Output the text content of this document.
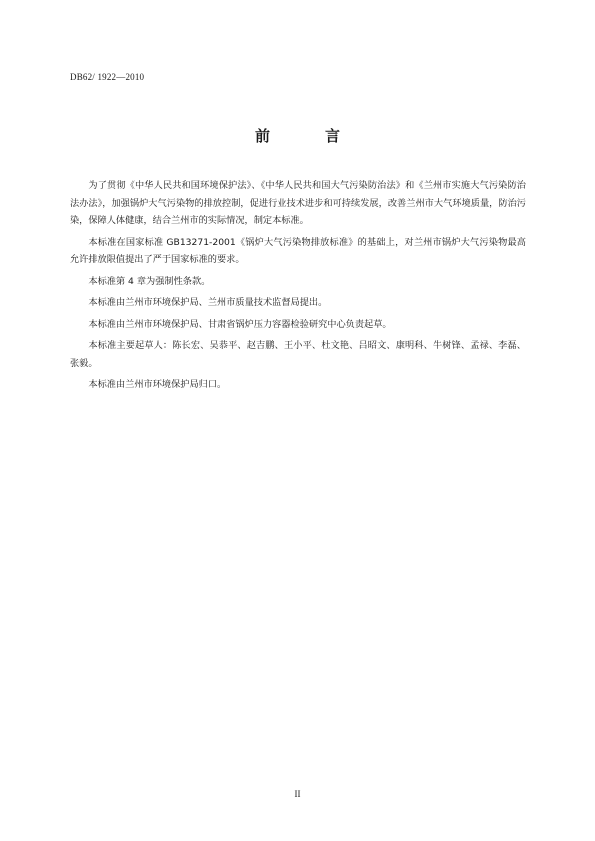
DB62/ 1922—2010
前　言

为了贯彻《中华人民共和国环境保护法》、《中华人民共和国大气污染防治法》和《兰州市实施大气污染防治法办法》，加强锅炉大气污染物的排放控制，促进行业技术进步和可持续发展，改善兰州市大气环境质量，防治污染，保障人体健康，结合兰州市的实际情况，制定本标准。

本标准在国家标准 GB13271-2001《锅炉大气污染物排放标准》的基础上，对兰州市锅炉大气污染物最高允许排放限值提出了严于国家标准的要求。

本标准第 4 章为强制性条款。

本标准由兰州市环境保护局、兰州市质量技术监督局提出。

本标准由兰州市环境保护局、甘肃省锅炉压力容器检验研究中心负责起草。

本标准主要起草人：陈长宏、吴恭平、赵吉鹏、王小平、杜文艳、吕昭文、康明科、牛树锋、孟禄、李磊、张毅。

本标准由兰州市环境保护局归口。

II
